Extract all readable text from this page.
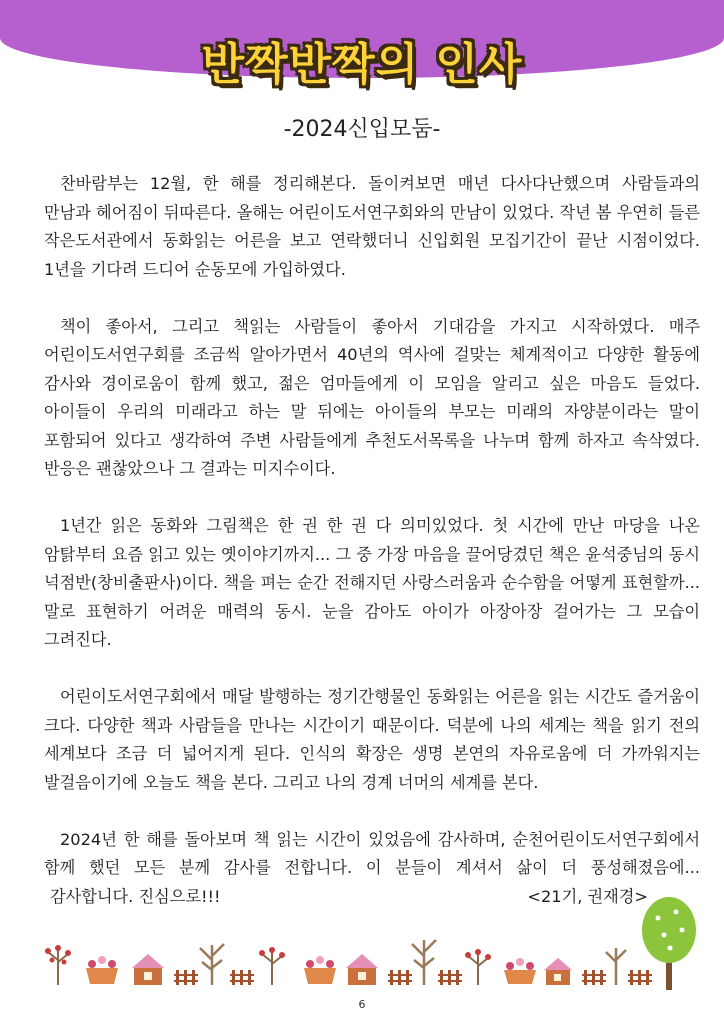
반짝반짝의 인사
-2024신입모둠-

찬바람부는 12월, 한 해를 정리해본다. 돌이켜보면 매년 다사다난했으며 사람들과의 만남과 헤어짐이 뒤따른다. 올해는 어린이도서연구회와의 만남이 있었다. 작년 봄 우연히 들른 작은도서관에서 동화읽는 어른을 보고 연락했더니 신입회원 모집기간이 끝난 시점이었다. 1년을 기다려 드디어 순동모에 가입하였다.

책이 좋아서, 그리고 책읽는 사람들이 좋아서 기대감을 가지고 시작하였다. 매주 어린이도서연구회를 조금씩 알아가면서 40년의 역사에 걸맞는 체계적이고 다양한 활동에 감사와 경이로움이 함께 했고, 젊은 엄마들에게 이 모임을 알리고 싶은 마음도 들었다. 아이들이 우리의 미래라고 하는 말 뒤에는 아이들의 부모는 미래의 자양분이라는 말이 포함되어 있다고 생각하여 주변 사람들에게 추천도서목록을 나누며 함께 하자고 속삭였다. 반응은 괜찮았으나 그 결과는 미지수이다.

1년간 읽은 동화와 그림책은 한 권 한 권 다 의미있었다. 첫 시간에 만난 마당을 나온 암탉부터 요즘 읽고 있는 옛이야기까지... 그 중 가장 마음을 끌어당겼던 책은 윤석중님의 동시 넉점반(창비출판사)이다. 책을 펴는 순간 전해지던 사랑스러움과 순수함을 어떻게 표현할까... 말로 표현하기 어려운 매력의 동시. 눈을 감아도 아이가 아장아장 걸어가는 그 모습이 그려진다.

어린이도서연구회에서 매달 발행하는 정기간행물인 동화읽는 어른을 읽는 시간도 즐거움이 크다. 다양한 책과 사람들을 만나는 시간이기 때문이다. 덕분에 나의 세계는 책을 읽기 전의 세계보다 조금 더 넓어지게 된다. 인식의 확장은 생명 본연의 자유로움에 더 가까워지는 발걸음이기에 오늘도 책을 본다. 그리고 나의 경계 너머의 세계를 본다.

2024년 한 해를 돌아보며 책 읽는 시간이 있었음에 감사하며, 순천어린이도서연구회에서 함께 했던 모든 분께 감사를 전합니다. 이 분들이 계셔서 삶이 더 풍성해졌음에... 감사합니다. 진심으로!!!	<21기, 권재경>

6
